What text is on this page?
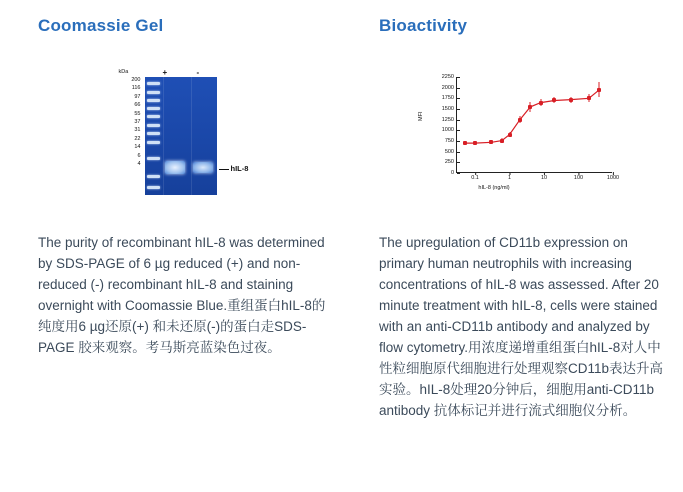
Coomassie Gel
kDa
200
116
97
66
55
37
31
22
14
6
4
+	-
hIL-8

The purity of recombinant hIL-8 was determined by SDS-PAGE of 6 µg reduced (+) and non-reduced (-) recombinant hIL-8 and staining overnight with Coomassie Blue.重组蛋白hIL-8的纯度用6 µg还原(+) 和未还原(-)的蛋白走SDS-PAGE 胶来观察。考马斯亮蓝染色过夜。

Bioactivity
MFI
hIL-8 (ng/ml)
0
250
500
750
1000
1250
1500
1750
2000
2250
0.1	1	10	100	1000

The upregulation of CD11b expression on primary human neutrophils with increasing concentrations of hIL-8 was assessed. After 20 minute treatment with hIL-8, cells were stained with an anti-CD11b antibody and analyzed by flow cytometry.用浓度递增重组蛋白hIL-8对人中性粒细胞原代细胞进行处理观察CD11b表达升高实验。hIL-8处理20分钟后，细胞用anti-CD11b antibody 抗体标记并进行流式细胞仪分析。
